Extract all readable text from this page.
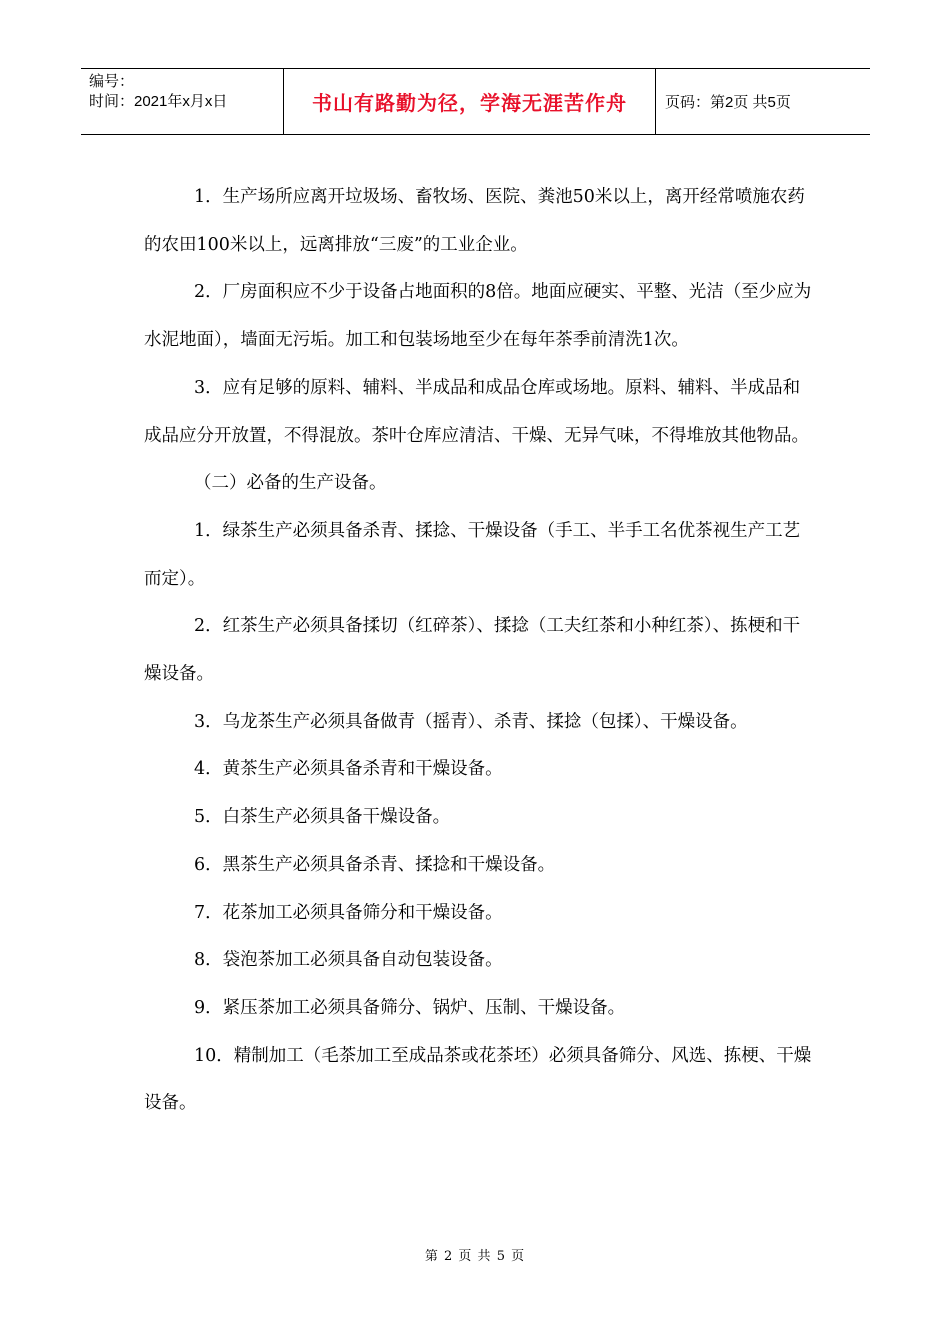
编号：
时间：2021年x月x日	书山有路勤为径，学海无涯苦作舟	页码：第2页 共5页

1．生产场所应离开垃圾场、畜牧场、医院、粪池50米以上，离开经常喷施农药的农田100米以上，远离排放“三废”的工业企业。

2．厂房面积应不少于设备占地面积的8倍。地面应硬实、平整、光洁（至少应为水泥地面），墙面无污垢。加工和包装场地至少在每年茶季前清洗1次。

3．应有足够的原料、辅料、半成品和成品仓库或场地。原料、辅料、半成品和成品应分开放置，不得混放。茶叶仓库应清洁、干燥、无异气味，不得堆放其他物品。

（二）必备的生产设备。

1．绿茶生产必须具备杀青、揉捻、干燥设备（手工、半手工名优茶视生产工艺而定）。

2．红茶生产必须具备揉切（红碎茶）、揉捻（工夫红茶和小种红茶）、拣梗和干燥设备。

3．乌龙茶生产必须具备做青（摇青）、杀青、揉捻（包揉）、干燥设备。

4．黄茶生产必须具备杀青和干燥设备。

5．白茶生产必须具备干燥设备。

6．黑茶生产必须具备杀青、揉捻和干燥设备。

7．花茶加工必须具备筛分和干燥设备。

8．袋泡茶加工必须具备自动包装设备。

9．紧压茶加工必须具备筛分、锅炉、压制、干燥设备。

10．精制加工（毛茶加工至成品茶或花茶坯）必须具备筛分、风选、拣梗、干燥设备。

第 2 页 共 5 页
